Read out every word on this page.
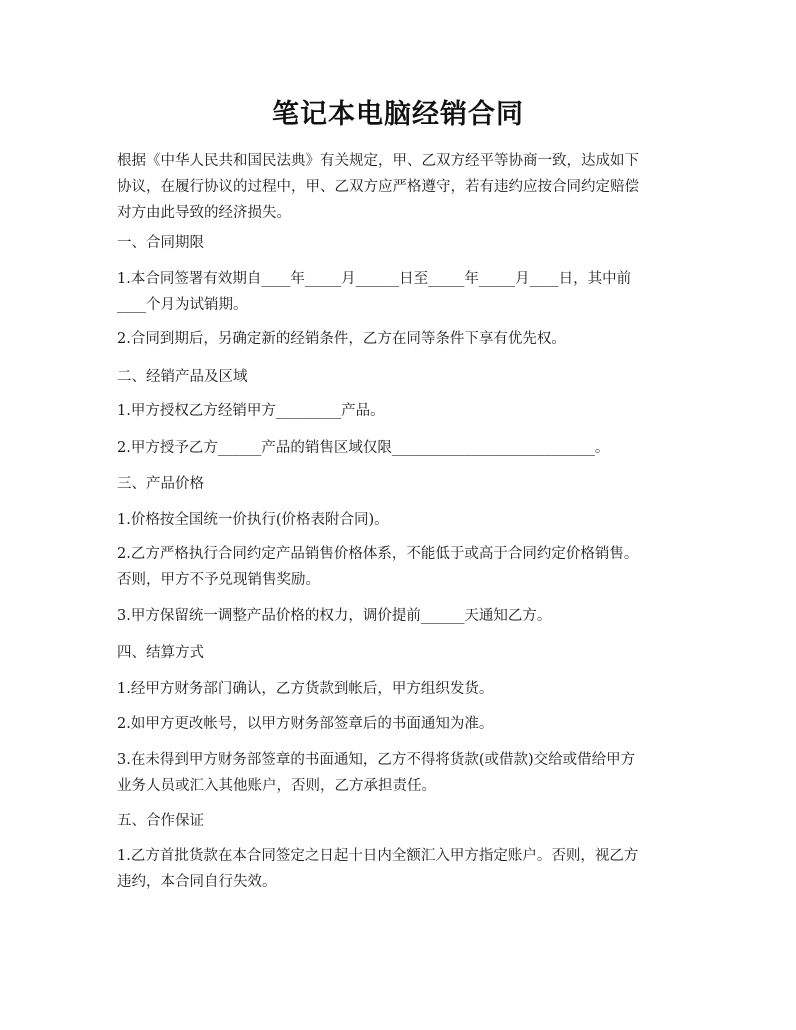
笔记本电脑经销合同
根据《中华人民共和国民法典》有关规定，甲、乙双方经平等协商一致，达成如下
协议，在履行协议的过程中，甲、乙双方应严格遵守，若有违约应按合同约定赔偿
对方由此导致的经济损失。
一、合同期限
1.本合同签署有效期自____年_____月______日至_____年_____月____日，其中前
____个月为试销期。
2.合同到期后，另确定新的经销条件，乙方在同等条件下享有优先权。
二、经销产品及区域
1.甲方授权乙方经销甲方_________产品。
2.甲方授予乙方______产品的销售区域仅限____________________________。
三、产品价格
1.价格按全国统一价执行(价格表附合同)。
2.乙方严格执行合同约定产品销售价格体系，不能低于或高于合同约定价格销售。
否则，甲方不予兑现销售奖励。
3.甲方保留统一调整产品价格的权力，调价提前______天通知乙方。
四、结算方式
1.经甲方财务部门确认，乙方货款到帐后，甲方组织发货。
2.如甲方更改帐号，以甲方财务部签章后的书面通知为准。
3.在未得到甲方财务部签章的书面通知，乙方不得将货款(或借款)交给或借给甲方
业务人员或汇入其他账户，否则，乙方承担责任。
五、合作保证
1.乙方首批货款在本合同签定之日起十日内全额汇入甲方指定账户。否则，视乙方
违约，本合同自行失效。
